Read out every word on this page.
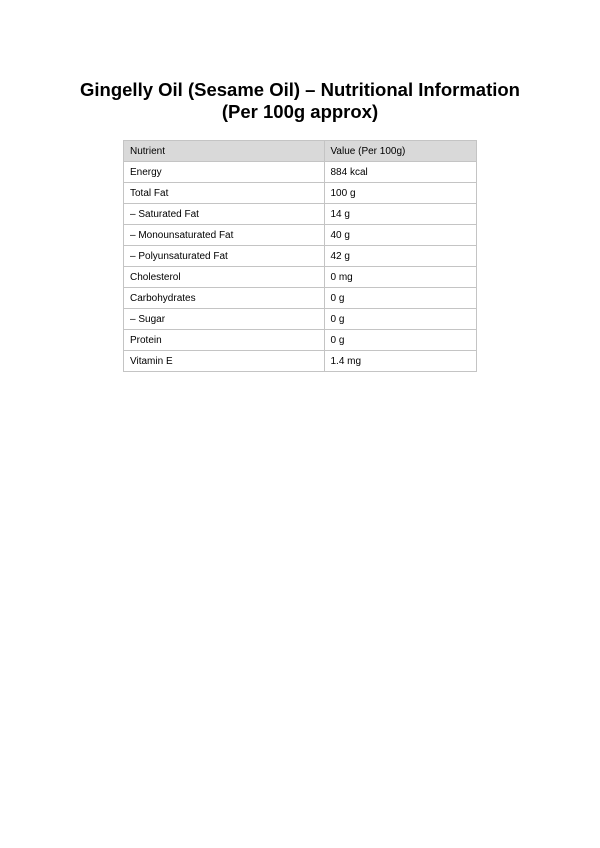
Gingelly Oil (Sesame Oil) – Nutritional Information
(Per 100g approx)
Nutrient	Value (Per 100g)
Energy	884 kcal
Total Fat	100 g
– Saturated Fat	14 g
– Monounsaturated Fat	40 g
– Polyunsaturated Fat	42 g
Cholesterol	0 mg
Carbohydrates	0 g
– Sugar	0 g
Protein	0 g
Vitamin E	1.4 mg
